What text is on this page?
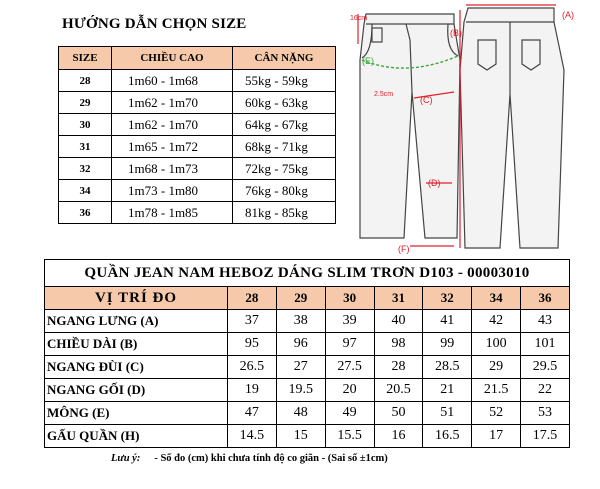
HƯỚNG DẪN CHỌN SIZE
SIZE	CHIỀU CAO	CÂN NẶNG
28	1m60 - 1m68	55kg - 59kg
29	1m62 - 1m70	60kg - 63kg
30	1m62 - 1m70	64kg - 67kg
31	1m65 - 1m72	68kg - 71kg
32	1m68 - 1m73	72kg - 75kg
34	1m73 - 1m80	76kg - 80kg
36	1m78 - 1m85	81kg - 85kg
(A)
(B)
(C)
(D)
(F)
16cm
2.5cm
(E)
QUẦN JEAN NAM HEBOZ DÁNG SLIM TRƠN D103 - 00003010							
VỊ TRÍ ĐO	28	29	30	31	32	34	36
NGANG LƯNG (A)	37	38	39	40	41	42	43
CHIỀU DÀI (B)	95	96	97	98	99	100	101
NGANG ĐÙI (C)	26.5	27	27.5	28	28.5	29	29.5
NGANG GỐI (D)	19	19.5	20	20.5	21	21.5	22
MÔNG (E)	47	48	49	50	51	52	53
GẤU QUẦN (H)	14.5	15	15.5	16	16.5	17	17.5
Lưu ý: - Số đo (cm) khi chưa tính độ co giãn - (Sai số ±1cm)
